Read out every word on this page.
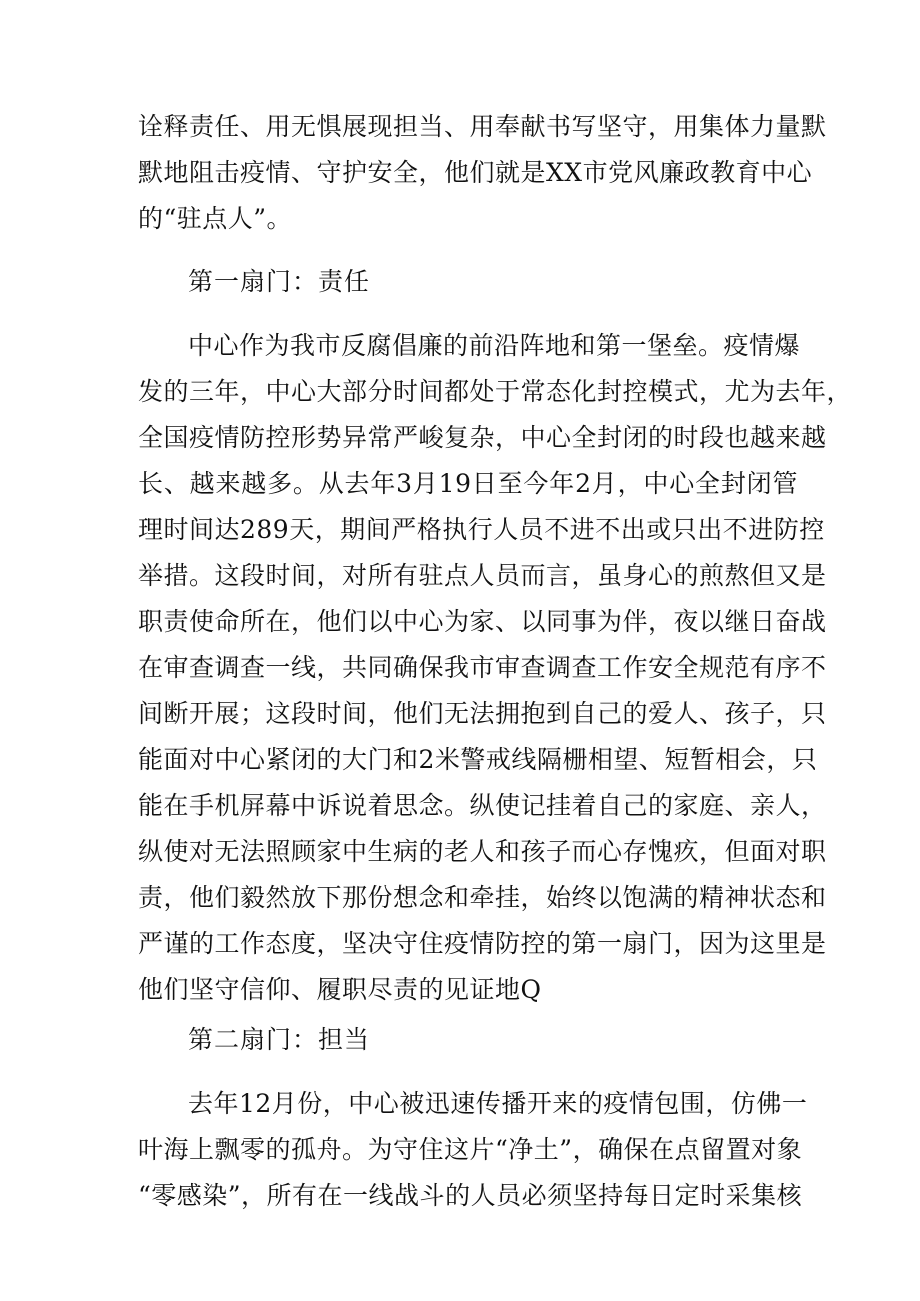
诠释责任、用无惧展现担当、用奉献书写坚守，用集体力量默
默地阻击疫情、守护安全，他们就是XX市党风廉政教育中心
的“驻点人”。
第一扇门：责任
中心作为我市反腐倡廉的前沿阵地和第一堡垒。疫情爆
发的三年，中心大部分时间都处于常态化封控模式，尤为去年，
全国疫情防控形势异常严峻复杂，中心全封闭的时段也越来越
长、越来越多。从去年3月19日至今年2月，中心全封闭管
理时间达289天，期间严格执行人员不进不出或只出不进防控
举措。这段时间，对所有驻点人员而言，虽身心的煎熬但又是
职责使命所在，他们以中心为家、以同事为伴，夜以继日奋战
在审查调查一线，共同确保我市审查调查工作安全规范有序不
间断开展；这段时间，他们无法拥抱到自己的爱人、孩子，只
能面对中心紧闭的大门和2米警戒线隔栅相望、短暂相会，只
能在手机屏幕中诉说着思念。纵使记挂着自己的家庭、亲人，
纵使对无法照顾家中生病的老人和孩子而心存愧疚，但面对职
责，他们毅然放下那份想念和牵挂，始终以饱满的精神状态和
严谨的工作态度，坚决守住疫情防控的第一扇门，因为这里是
他们坚守信仰、履职尽责的见证地Q
第二扇门：担当
去年12月份，中心被迅速传播开来的疫情包围，仿佛一
叶海上飘零的孤舟。为守住这片“净土”，确保在点留置对象
“零感染”，所有在一线战斗的人员必须坚持每日定时采集核
